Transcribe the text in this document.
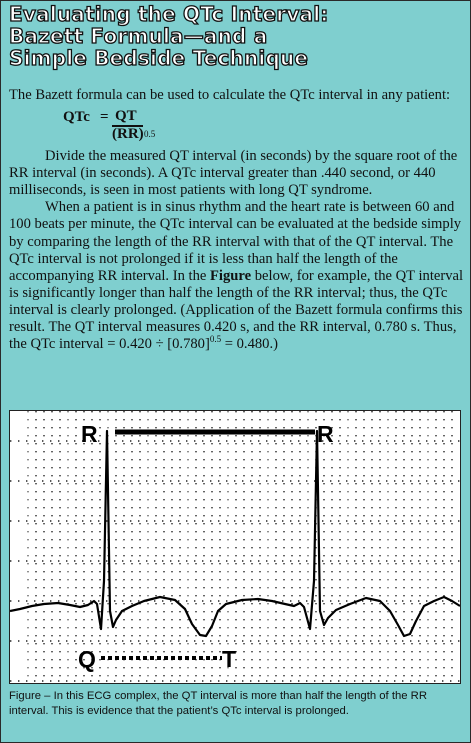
Evaluating the QTc Interval:
Bazett Formula—and a
Simple Bedside Technique

The Bazett formula can be used to calculate the QTc interval in any patient:

QTc = QT
(RR) 0.5

Divide the measured QT interval (in seconds) by the square root of the RR interval (in seconds). A QTc interval greater than .440 second, or 440 milliseconds, is seen in most patients with long QT syndrome.

When a patient is in sinus rhythm and the heart rate is between 60 and 100 beats per minute, the QTc interval can be evaluated at the bedside simply by comparing the length of the RR interval with that of the QT interval. The QTc interval is not prolonged if it is less than half the length of the accompanying RR interval. In the Figure below, for example, the QT interval is significantly longer than half the length of the RR interval; thus, the QTc interval is clearly prolonged. (Application of the Bazett formula confirms this result. The QT interval measures 0.420 s, and the RR interval, 0.780 s. Thus, the QTc interval = $0.420 \div [0.780]^{0.5} = 0.480$.)

R	R
Q	T
Figure – In this ECG complex, the QT interval is more than half the length of the RR interval. This is evidence that the patient’s QTc interval is prolonged.
